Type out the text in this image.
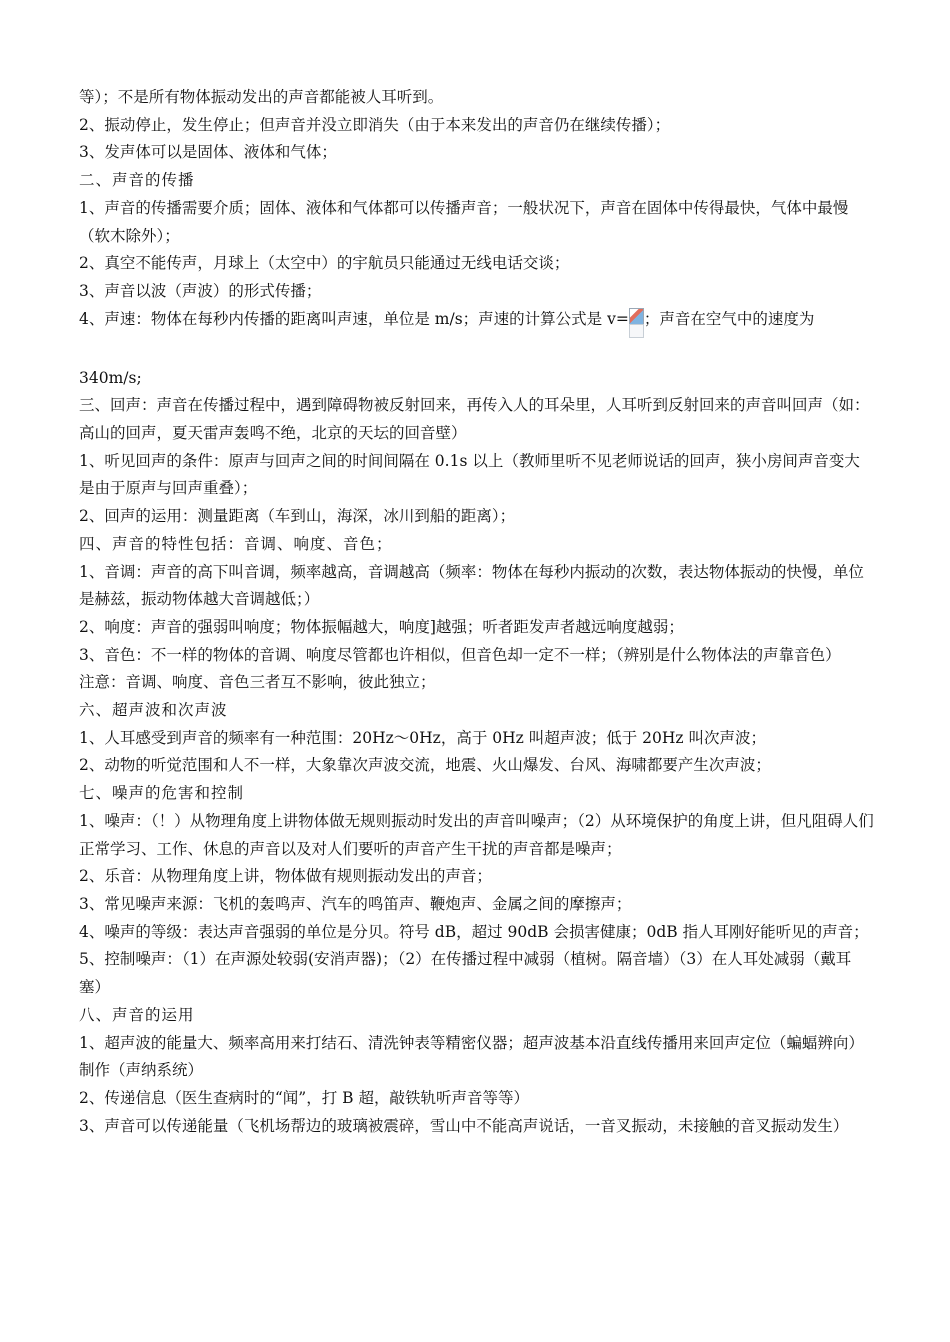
等）；不是所有物体振动发出的声音都能被人耳听到。

2、振动停止，发生停止；但声音并没立即消失（由于本来发出的声音仍在继续传播）；

3、发声体可以是固体、液体和气体；

二、声音的传播

1、声音的传播需要介质；固体、液体和气体都可以传播声音；一般状况下，声音在固体中传得最快，气体中最慢（软木除外）；

2、真空不能传声，月球上（太空中）的宇航员只能通过无线电话交谈；

3、声音以波（声波）的形式传播；

4、声速：物体在每秒内传播的距离叫声速，单位是 m/s；声速的计算公式是 v= ；声音在空气中的速度为

340m/s;

三、回声：声音在传播过程中，遇到障碍物被反射回来，再传入人的耳朵里，人耳听到反射回来的声音叫回声（如：高山的回声，夏天雷声轰鸣不绝，北京的天坛的回音壁）

1、听见回声的条件：原声与回声之间的时间间隔在 0.1s 以上（教师里听不见老师说话的回声，狭小房间声音变大是由于原声与回声重叠）；

2、回声的运用：测量距离（车到山，海深，冰川到船的距离）；

四、声音的特性包括：音调、响度、音色；

1、音调：声音的高下叫音调，频率越高，音调越高（频率：物体在每秒内振动的次数，表达物体振动的快慢，单位是赫兹，振动物体越大音调越低；）

2、响度：声音的强弱叫响度；物体振幅越大，响度]越强；听者距发声者越远响度越弱；

3、音色：不一样的物体的音调、响度尽管都也许相似，但音色却一定不一样；（辨别是什么物体法的声靠音色）

注意：音调、响度、音色三者互不影响，彼此独立；

六、超声波和次声波

1、人耳感受到声音的频率有一种范围：20Hz～0Hz，高于 0Hz 叫超声波；低于 20Hz 叫次声波；

2、动物的听觉范围和人不一样，大象靠次声波交流，地震、火山爆发、台风、海啸都要产生次声波；

七、噪声的危害和控制

1、噪声：（！）从物理角度上讲物体做无规则振动时发出的声音叫噪声；（2）从环境保护的角度上讲，但凡阻碍人们正常学习、工作、休息的声音以及对人们要听的声音产生干扰的声音都是噪声；

2、乐音：从物理角度上讲，物体做有规则振动发出的声音；

3、常见噪声来源：飞机的轰鸣声、汽车的鸣笛声、鞭炮声、金属之间的摩擦声；

4、噪声的等级：表达声音强弱的单位是分贝。符号 dB，超过 90dB 会损害健康；0dB 指人耳刚好能听见的声音；

5、控制噪声：（1）在声源处较弱(安消声器)；（2）在传播过程中减弱（植树。隔音墙）（3）在人耳处减弱（戴耳塞）

八、声音的运用

1、超声波的能量大、频率高用来打结石、清洗钟表等精密仪器；超声波基本沿直线传播用来回声定位（蝙蝠辨向）制作（声纳系统）

2、传递信息（医生查病时的“闻”，打 B 超，敲铁轨听声音等等）

3、声音可以传递能量（飞机场帮边的玻璃被震碎，雪山中不能高声说话，一音叉振动，未接触的音叉振动发生）
